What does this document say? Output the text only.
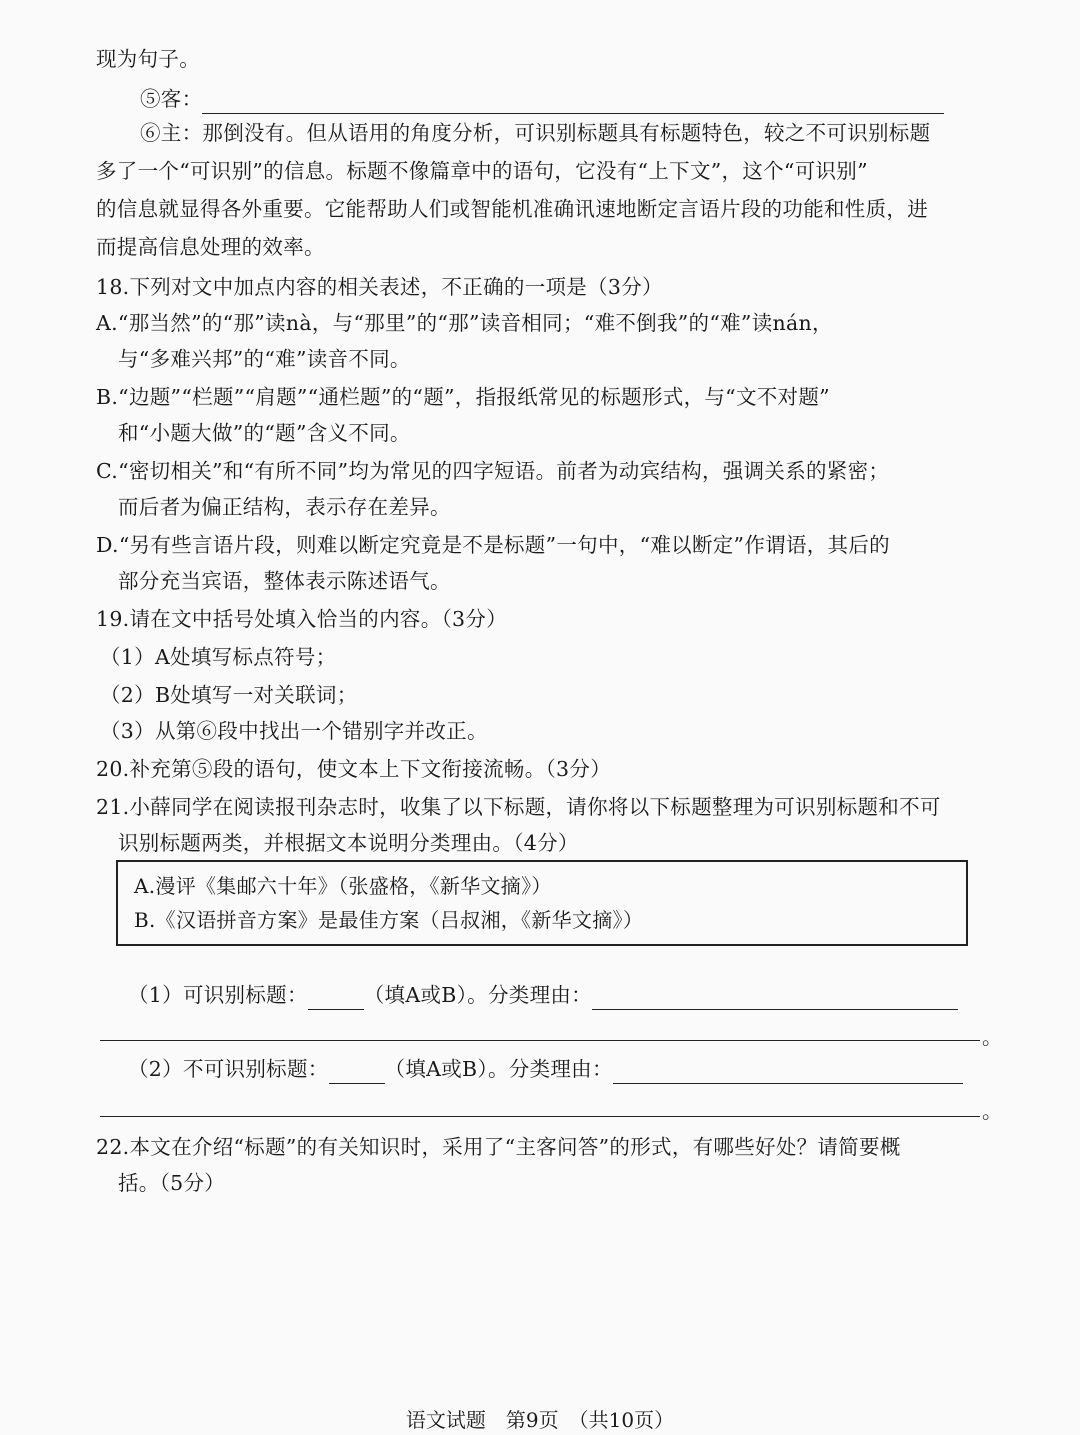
现为句子。
⑤客：
⑥主：那倒没有。但从语用的角度分析，可识别标题具有标题特色，较之不可识别标题
多了一个“可识别”的信息。标题不像篇章中的语句，它没有“上下文”，这个“可识别”
的信息就显得各外重要。它能帮助人们或智能机准确讯速地断定言语片段的功能和性质，进
而提高信息处理的效率。
18.下列对文中加点内容的相关表述，不正确的一项是（3分）
A.“那当然”的“那”读nà，与“那里”的“那”读音相同；“难不倒我”的“难”读nán，
与“多难兴邦”的“难”读音不同。
B.“边题”“栏题”“肩题”“通栏题”的“题”，指报纸常见的标题形式，与“文不对题”
和“小题大做”的“题”含义不同。
C.“密切相关”和“有所不同”均为常见的四字短语。前者为动宾结构，强调关系的紧密；
而后者为偏正结构，表示存在差异。
D.“另有些言语片段，则难以断定究竟是不是标题”一句中，“难以断定”作谓语，其后的
部分充当宾语，整体表示陈述语气。
19.请在文中括号处填入恰当的内容。（3分）
（1）A处填写标点符号；
（2）B处填写一对关联词；
（3）从第⑥段中找出一个错别字并改正。
20.补充第⑤段的语句，使文本上下文衔接流畅。（3分）
21.小薛同学在阅读报刊杂志时，收集了以下标题，请你将以下标题整理为可识别标题和不可
识别标题两类，并根据文本说明分类理由。（4分）
A.漫评《集邮六十年》（张盛格，《新华文摘》）
B.《汉语拼音方案》是最佳方案（吕叔湘，《新华文摘》）
（1）可识别标题：	（填A或B）。分类理由：
。
（2）不可识别标题：	（填A或B）。分类理由：
。
22.本文在介绍“标题”的有关知识时，采用了“主客问答”的形式，有哪些好处？请简要概
括。（5分）
语文试题　第9页　（共10页）
